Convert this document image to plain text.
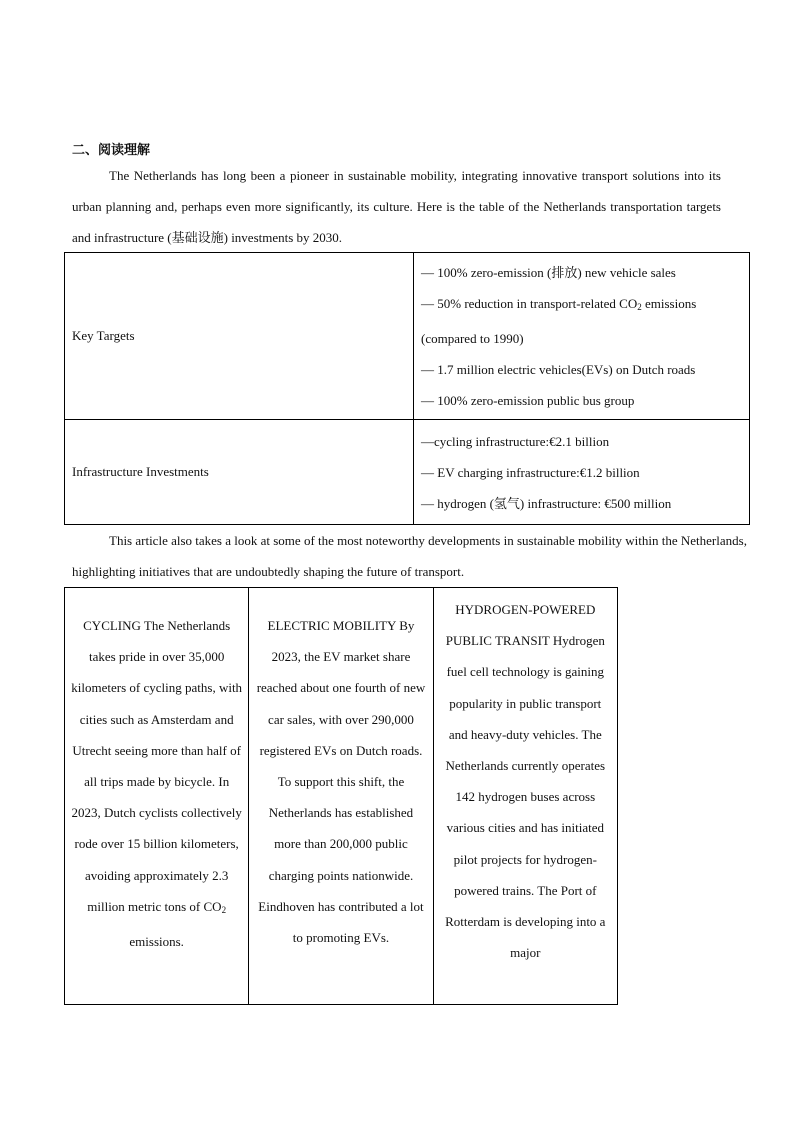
二、阅读理解

The Netherlands has long been a pioneer in sustainable mobility, integrating innovative transport solutions into its urban planning and, perhaps even more significantly, its culture. Here is the table of the Netherlands transportation targets and infrastructure (基础设施) investments by 2030.

Key Targets	— 100% zero-emission (排放) new vehicle sales
— 50% reduction in transport-related $CO_2$ emissions
(compared to 1990)
— 1.7 million electric vehicles(EVs) on Dutch roads
— 100% zero-emission public bus group

Infrastructure Investments	—cycling infrastructure:€2.1 billion
— EV charging infrastructure:€1.2 billion
— hydrogen (氢气) infrastructure: €500 million

This article also takes a look at some of the most noteworthy developments in sustainable mobility within the Netherlands, highlighting initiatives that are undoubtedly shaping the future of transport.

CYCLING The Netherlands takes pride in over 35,000 kilometers of cycling paths, with cities such as Amsterdam and Utrecht seeing more than half of all trips made by bicycle. In 2023, Dutch cyclists collectively rode over 15 billion kilometers, avoiding approximately 2.3 million metric tons of $CO_2$ emissions.

ELECTRIC MOBILITY By 2023, the EV market share reached about one fourth of new car sales, with over 290,000 registered EVs on Dutch roads. To support this shift, the Netherlands has established more than 200,000 public charging points nationwide. Eindhoven has contributed a lot to promoting EVs.

HYDROGEN-POWERED PUBLIC TRANSIT Hydrogen fuel cell technology is gaining popularity in public transport and heavy-duty vehicles. The Netherlands currently operates 142 hydrogen buses across various cities and has initiated pilot projects for hydrogen-powered trains. The Port of Rotterdam is developing into a major
